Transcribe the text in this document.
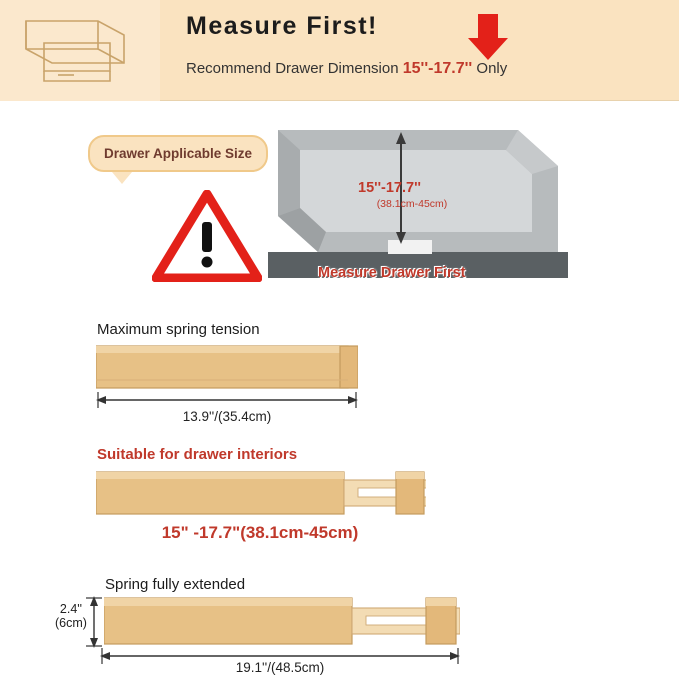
Measure First!
Recommend Drawer Dimension 15''-17.7'' Only
Drawer Applicable Size
15''-17.7''
(38.1cm-45cm)
Measure Drawer First
Maximum spring tension
13.9''/(35.4cm)
Suitable for drawer interiors
15" -17.7"(38.1cm-45cm)
Spring fully extended
2.4''
(6cm)
19.1''/(48.5cm)
